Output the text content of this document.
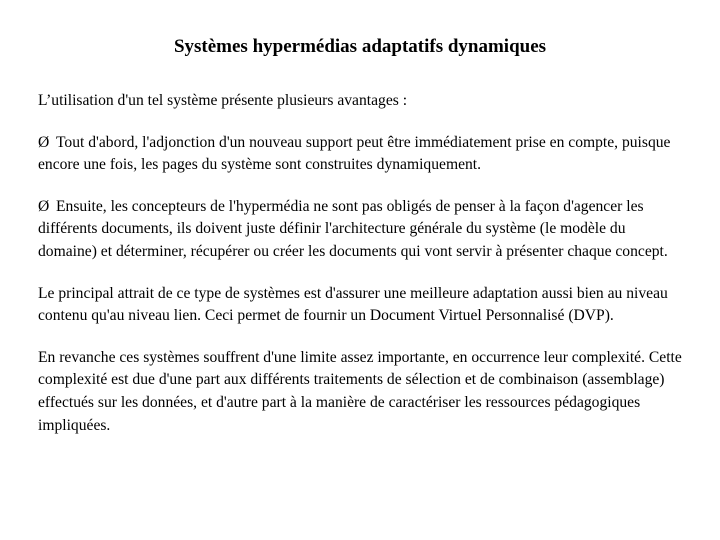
Systèmes hypermédias adaptatifs dynamiques

L’utilisation d'un tel système présente plusieurs avantages :

Ø Tout d'abord, l'adjonction d'un nouveau support peut être immédiatement prise en compte, puisque encore une fois, les pages du système sont construites dynamiquement.

Ø Ensuite, les concepteurs de l'hypermédia ne sont pas obligés de penser à la façon d'agencer les différents documents, ils doivent juste définir l'architecture générale du système (le modèle du domaine) et déterminer, récupérer ou créer les documents qui vont servir à présenter chaque concept.

Le principal attrait de ce type de systèmes est d'assurer une meilleure adaptation aussi bien au niveau contenu qu'au niveau lien. Ceci permet de fournir un Document Virtuel Personnalisé (DVP).

En revanche ces systèmes souffrent d'une limite assez importante, en occurrence leur complexité. Cette complexité est due d'une part aux différents traitements de sélection et de combinaison (assemblage) effectués sur les données, et d'autre part à la manière de caractériser les ressources pédagogiques impliquées.
